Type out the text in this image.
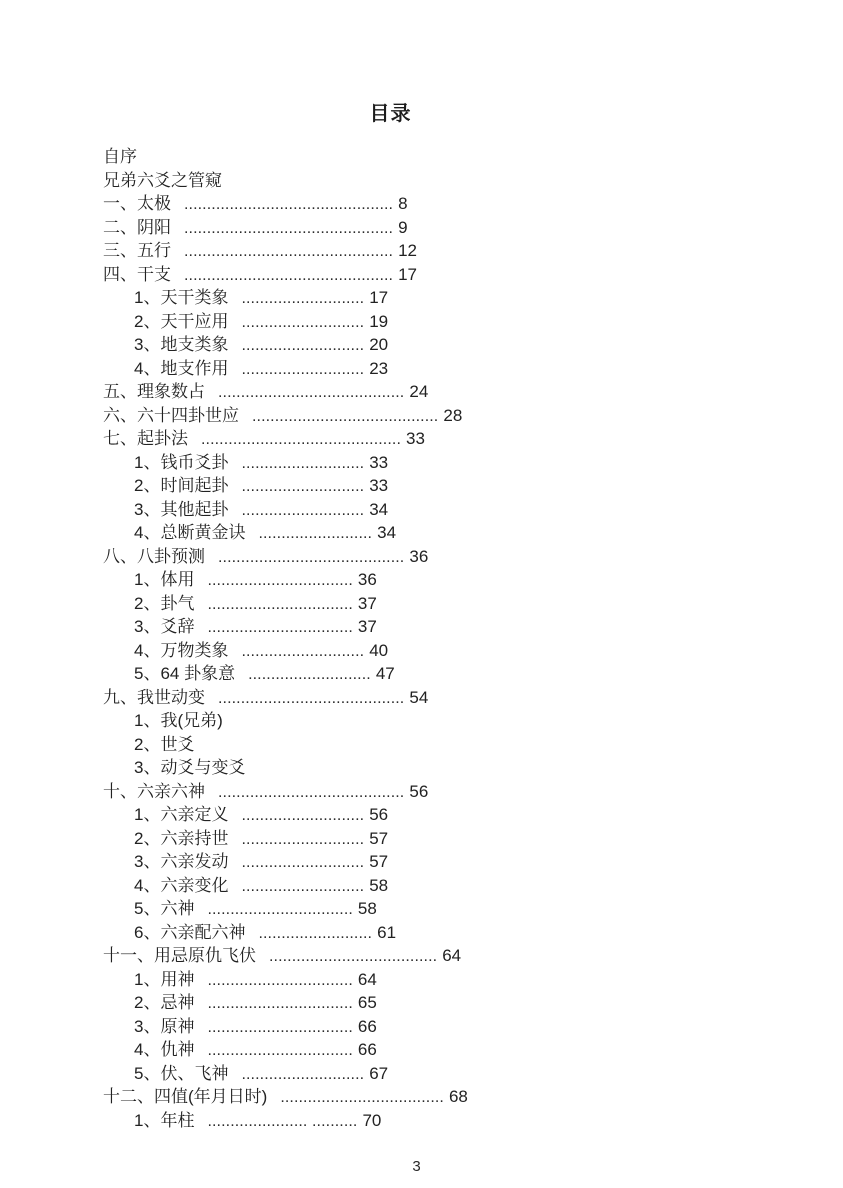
目录
自序
兄弟六爻之管窥
一、太极 .............................................. 8
二、阴阳 .............................................. 9
三、五行 .............................................. 12
四、干支 .............................................. 17
1、天干类象 ........................... 17
2、天干应用 ........................... 19
3、地支类象 ........................... 20
4、地支作用 ........................... 23
五、理象数占 ......................................... 24
六、六十四卦世应 ......................................... 28
七、起卦法 ............................................ 33
1、钱币爻卦 ........................... 33
2、时间起卦 ........................... 33
3、其他起卦 ........................... 34
4、总断黄金诀 ......................... 34
八、八卦预测 ......................................... 36
1、体用 ................................ 36
2、卦气 ................................ 37
3、爻辞 ................................ 37
4、万物类象 ........................... 40
5、64 卦象意 ........................... 47
九、我世动变 ......................................... 54
1、我(兄弟)
2、世爻
3、动爻与变爻
十、六亲六神 ......................................... 56
1、六亲定义 ........................... 56
2、六亲持世 ........................... 57
3、六亲发动 ........................... 57
4、六亲变化 ........................... 58
5、六神 ................................ 58
6、六亲配六神 ......................... 61
十一、用忌原仇飞伏 ..................................... 64
1、用神 ................................ 64
2、忌神 ................................ 65
3、原神 ................................ 66
4、仇神 ................................ 66
5、伏、飞神 ........................... 67
十二、四值(年月日时) .................................... 68
1、年柱 ...................... .......... 70
3
